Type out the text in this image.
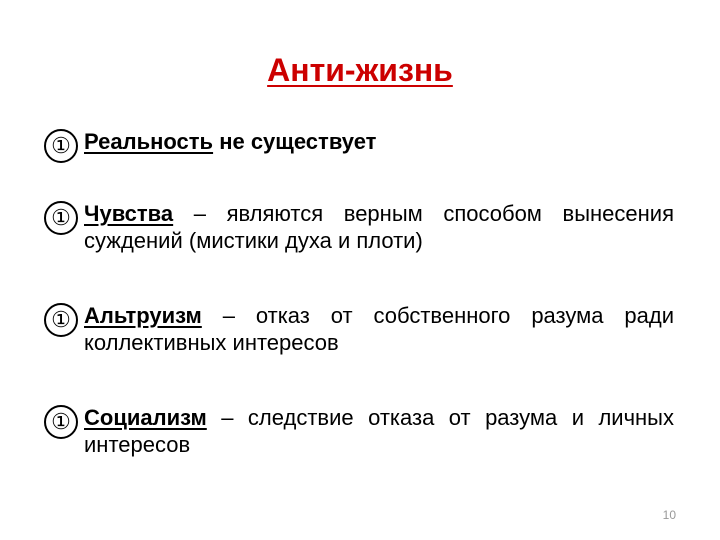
Анти-жизнь
① Реальность не существует
① Чувства – являются верным способом вынесения суждений (мистики духа и плоти)
① Альтруизм – отказ от собственного разума ради коллективных интересов
① Социализм – следствие отказа от разума и личных интересов
10
